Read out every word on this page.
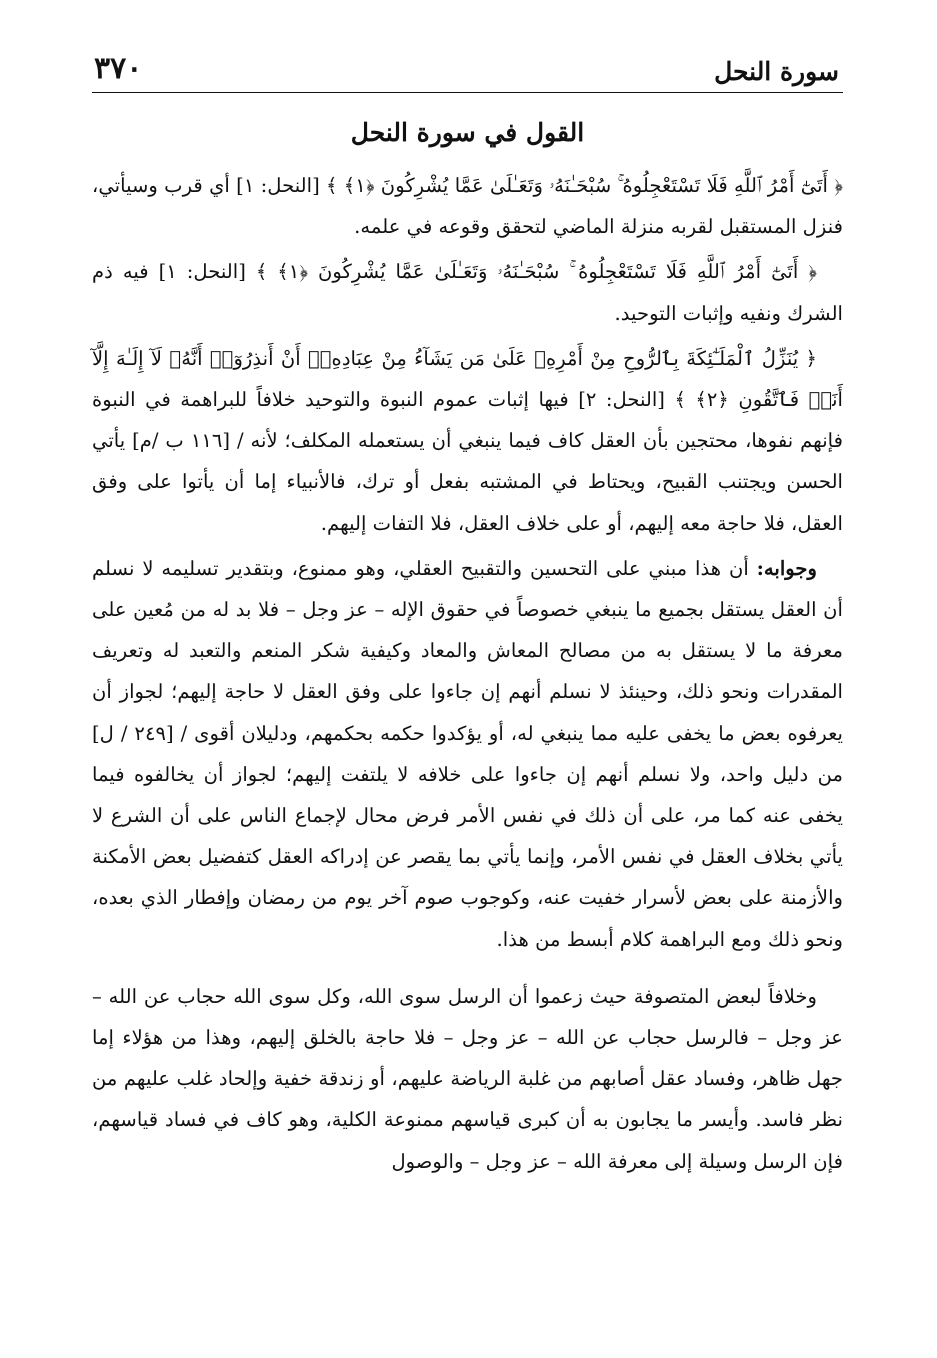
سورة النحل
٣٧٠
القول في سورة النحل

﴿ أَتَىٰٓ أَمْرُ ٱللَّهِ فَلَا تَسْتَعْجِلُوهُ ۚ سُبْحَـٰنَهُۥ وَتَعَـٰلَىٰ عَمَّا يُشْرِكُونَ ﴿١﴾ ﴾ [النحل: ١] أي قرب وسيأتي، فنزل المستقبل لقربه منزلة الماضي لتحقق وقوعه في علمه.

﴿ أَتَىٰٓ أَمْرُ ٱللَّهِ فَلَا تَسْتَعْجِلُوهُ ۚ سُبْحَـٰنَهُۥ وَتَعَـٰلَىٰ عَمَّا يُشْرِكُونَ ﴿١﴾ ﴾ [النحل: ١] فيه ذم الشرك ونفيه وإثبات التوحيد.

﴿ يُنَزِّلُ ٱلْمَلَـٰٓئِكَةَ بِٱلرُّوحِ مِنْ أَمْرِهِۦ عَلَىٰ مَن يَشَآءُ مِنْ عِبَادِهِۦٓ أَنْ أَنذِرُوٓا۟ أَنَّهُۥ لَآ إِلَـٰهَ إِلَّآ أَنَا۠ فَٱتَّقُونِ ﴿٢﴾ ﴾ [النحل: ٢] فيها إثبات عموم النبوة والتوحيد خلافاً للبراهمة في النبوة فإنهم نفوها، محتجين بأن العقل كاف فيما ينبغي أن يستعمله المكلف؛ لأنه / [١١٦ ب /م] يأتي الحسن ويجتنب القبيح، ويحتاط في المشتبه بفعل أو ترك، فالأنبياء إما أن يأتوا على وفق العقل، فلا حاجة معه إليهم، أو على خلاف العقل، فلا التفات إليهم.

وجوابه: أن هذا مبني على التحسين والتقبيح العقلي، وهو ممنوع، وبتقدير تسليمه لا نسلم أن العقل يستقل بجميع ما ينبغي خصوصاً في حقوق الإله – عز وجل – فلا بد له من مُعين على معرفة ما لا يستقل به من مصالح المعاش والمعاد وكيفية شكر المنعم والتعبد له وتعريف المقدرات ونحو ذلك، وحينئذ لا نسلم أنهم إن جاءوا على وفق العقل لا حاجة إليهم؛ لجواز أن يعرفوه بعض ما يخفى عليه مما ينبغي له، أو يؤكدوا حكمه بحكمهم، ودليلان أقوى / [٢٤٩ / ل] من دليل واحد، ولا نسلم أنهم إن جاءوا على خلافه لا يلتفت إليهم؛ لجواز أن يخالفوه فيما يخفى عنه كما مر، على أن ذلك في نفس الأمر فرض محال لإجماع الناس على أن الشرع لا يأتي بخلاف العقل في نفس الأمر، وإنما يأتي بما يقصر عن إدراكه العقل كتفضيل بعض الأمكنة والأزمنة على بعض لأسرار خفيت عنه، وكوجوب صوم آخر يوم من رمضان وإفطار الذي بعده، ونحو ذلك ومع البراهمة كلام أبسط من هذا.

وخلافاً لبعض المتصوفة حيث زعموا أن الرسل سوى الله، وكل سوى الله حجاب عن الله – عز وجل – فالرسل حجاب عن الله – عز وجل – فلا حاجة بالخلق إليهم، وهذا من هؤلاء إما جهل ظاهر، وفساد عقل أصابهم من غلبة الرياضة عليهم، أو زندقة خفية وإلحاد غلب عليهم من نظر فاسد. وأيسر ما يجابون به أن كبرى قياسهم ممنوعة الكلية، وهو كاف في فساد قياسهم، فإن الرسل وسيلة إلى معرفة الله – عز وجل – والوصول
